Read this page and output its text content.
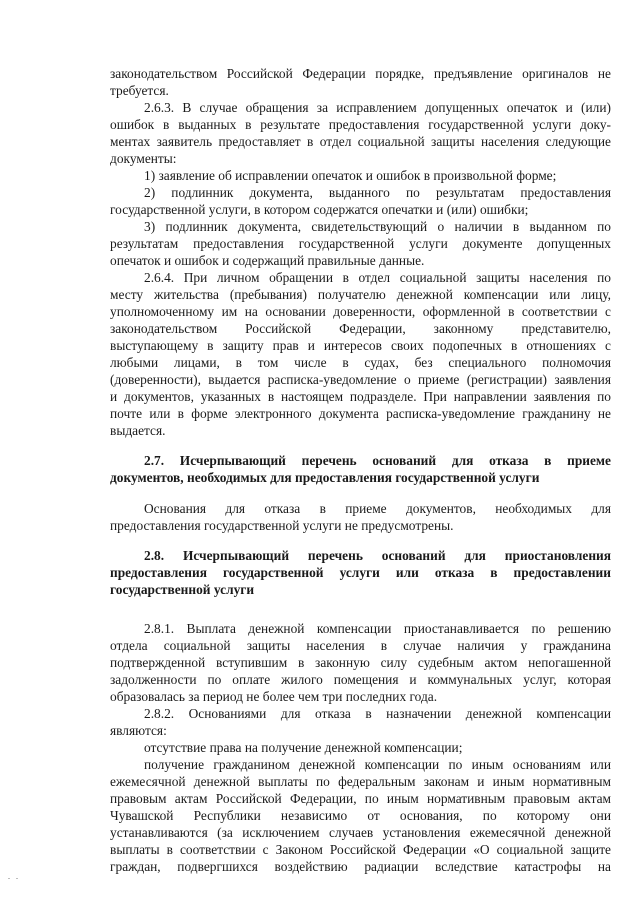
законодательством Российской Федерации порядке, предъявление оригиналов не
требуется.
2.6.3. В случае обращения за исправлением допущенных опечаток и (или)
ошибок в выданных в результате предоставления государственной услуги доку-
ментах заявитель предоставляет в отдел социальной защиты населения следующие
документы:
1) заявление об исправлении опечаток и ошибок в произвольной форме;
2) подлинник документа, выданного по результатам предоставления
государственной услуги, в котором содержатся опечатки и (или) ошибки;
3) подлинник документа, свидетельствующий о наличии в выданном по
результатам предоставления государственной услуги документе допущенных
опечаток и ошибок и содержащий правильные данные.
2.6.4. При личном обращении в отдел социальной защиты населения по
месту жительства (пребывания) получателю денежной компенсации или лицу,
уполномоченному им на основании доверенности, оформленной в соответствии с
законодательством Российской Федерации, законному представителю,
выступающему в защиту прав и интересов своих подопечных в отношениях с
любыми лицами, в том числе в судах, без специального полномочия
(доверенности), выдается расписка-уведомление о приеме (регистрации) заявления
и документов, указанных в настоящем подразделе. При направлении заявления по
почте или в форме электронного документа расписка-уведомление гражданину не
выдается.
2.7. Исчерпывающий перечень оснований для отказа в приеме
документов, необходимых для предоставления государственной услуги
Основания для отказа в приеме документов, необходимых для
предоставления государственной услуги не предусмотрены.
2.8. Исчерпывающий перечень оснований для приостановления
предоставления государственной услуги или отказа в предоставлении
государственной услуги
2.8.1. Выплата денежной компенсации приостанавливается по решению
отдела социальной защиты населения в случае наличия у гражданина
подтвержденной вступившим в законную силу судебным актом непогашенной
задолженности по оплате жилого помещения и коммунальных услуг, которая
образовалась за период не более чем три последних года.
2.8.2. Основаниями для отказа в назначении денежной компенсации
являются:
отсутствие права на получение денежной компенсации;
получение гражданином денежной компенсации по иным основаниям или
ежемесячной денежной выплаты по федеральным законам и иным нормативным
правовым актам Российской Федерации, по иным нормативным правовым актам
Чувашской Республики независимо от основания, по которому они
устанавливаются (за исключением случаев установления ежемесячной денежной
выплаты в соответствии с Законом Российской Федерации «О социальной защите
граждан, подвергшихся воздействию радиации вследствие катастрофы на
. .
